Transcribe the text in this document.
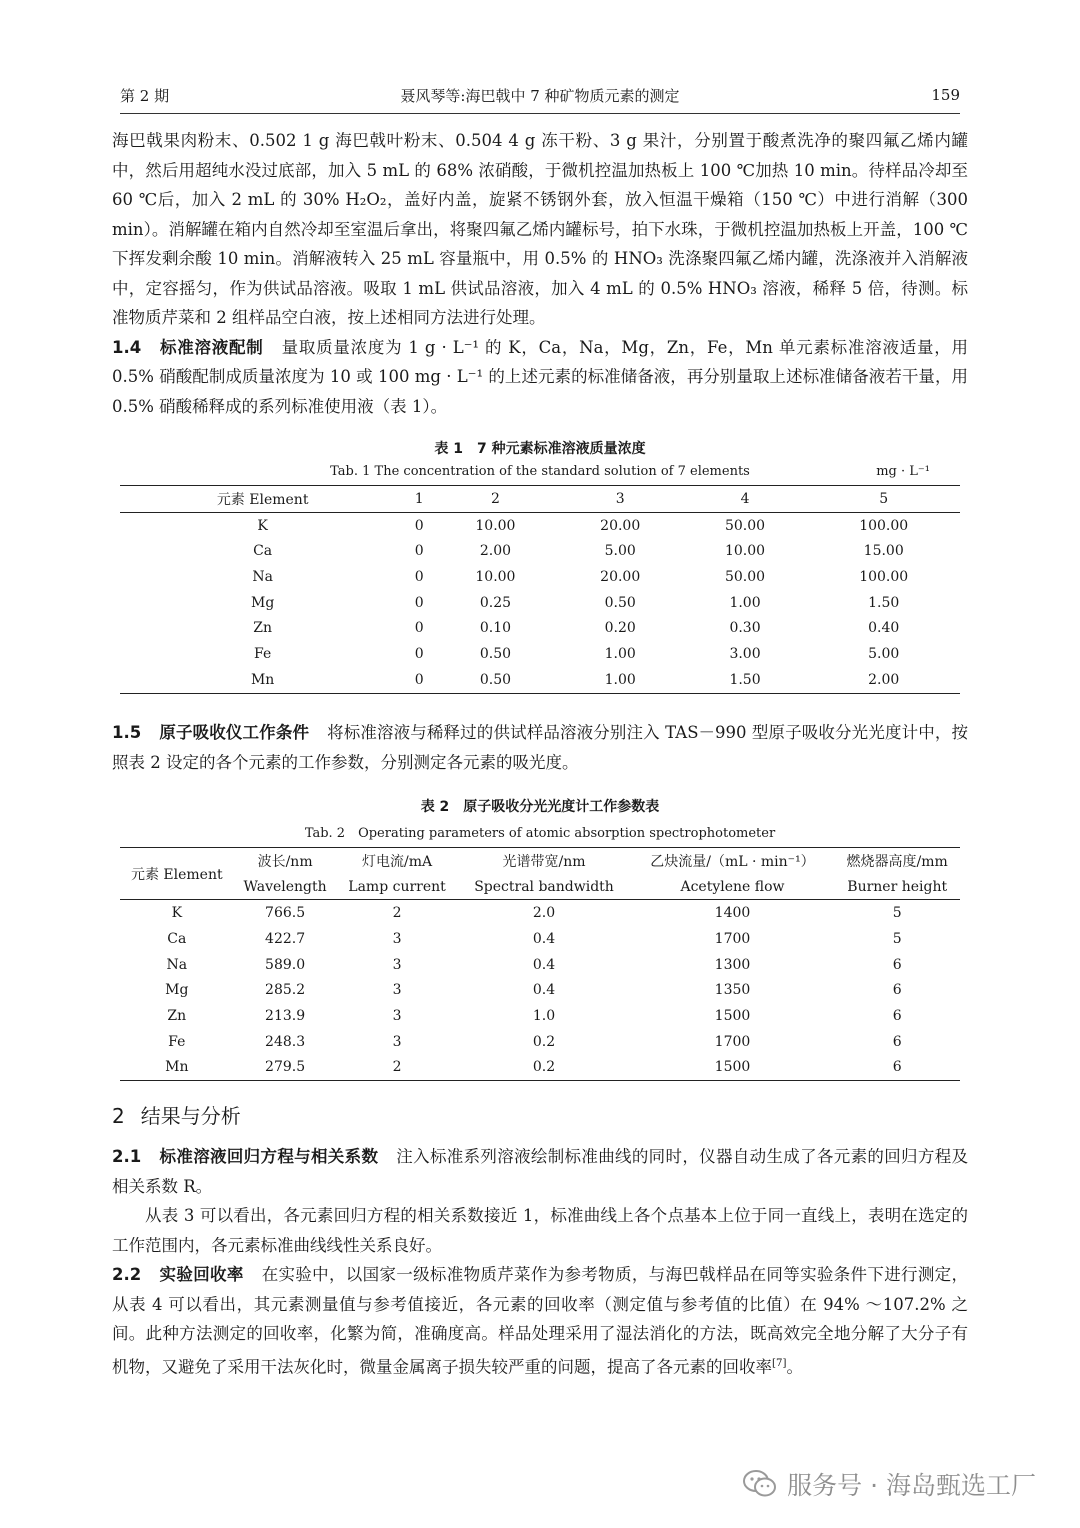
第 2 期	聂风琴等:海巴戟中 7 种矿物质元素的测定	159

海巴戟果肉粉末、0.502 1 g 海巴戟叶粉末、0.504 4 g 冻干粉、3 g 果汁，分别置于酸煮洗净的聚四氟乙烯内罐中，然后用超纯水没过底部，加入 5 mL 的 68% 浓硝酸，于微机控温加热板上 100 ℃加热 10 min。待样品冷却至 60 ℃后，加入 2 mL 的 30% H₂O₂，盖好内盖，旋紧不锈钢外套，放入恒温干燥箱（150 ℃）中进行消解（300 min）。消解罐在箱内自然冷却至室温后拿出，将聚四氟乙烯内罐标号，拍下水珠，于微机控温加热板上开盖，100 ℃ 下挥发剩余酸 10 min。消解液转入 25 mL 容量瓶中，用 0.5% 的 HNO₃ 洗涤聚四氟乙烯内罐，洗涤液并入消解液中，定容摇匀，作为供试品溶液。吸取 1 mL 供试品溶液，加入 4 mL 的 0.5% HNO₃ 溶液，稀释 5 倍，待测。标准物质芹菜和 2 组样品空白液，按上述相同方法进行处理。

1.4 标准溶液配制 量取质量浓度为 1 g · L⁻¹ 的 K，Ca，Na，Mg，Zn，Fe，Mn 单元素标准溶液适量，用 0.5% 硝酸配制成质量浓度为 10 或 100 mg · L⁻¹ 的上述元素的标准储备液，再分别量取上述标准储备液若干量，用 0.5% 硝酸稀释成的系列标准使用液（表 1）。

表 1　7 种元素标准溶液质量浓度
Tab. 1 The concentration of the standard solution of 7 elements	mg · L⁻¹
元素 Element	1	2	3	4	5
K	0	10.00	20.00	50.00	100.00
Ca	0	2.00	5.00	10.00	15.00
Na	0	10.00	20.00	50.00	100.00
Mg	0	0.25	0.50	1.00	1.50
Zn	0	0.10	0.20	0.30	0.40
Fe	0	0.50	1.00	3.00	5.00
Mn	0	0.50	1.00	1.50	2.00

1.5 原子吸收仪工作条件 将标准溶液与稀释过的供试样品溶液分别注入 TAS－990 型原子吸收分光光度计中，按照表 2 设定的各个元素的工作参数，分别测定各元素的吸光度。

表 2　原子吸收分光光度计工作参数表
Tab. 2　Operating parameters of atomic absorption spectrophotometer
元素 Element	波长/nm	灯电流/mA	光谱带宽/nm	乙炔流量/（mL · min⁻¹）	燃烧器高度/mm
	Wavelength	Lamp current	Spectral bandwidth	Acetylene flow	Burner height
K	766.5	2	2.0	1400	5
Ca	422.7	3	0.4	1700	5
Na	589.0	3	0.4	1300	6
Mg	285.2	3	0.4	1350	6
Zn	213.9	3	1.0	1500	6
Fe	248.3	3	0.2	1700	6
Mn	279.5	2	0.2	1500	6
2 结果与分析

2.1 标准溶液回归方程与相关系数 注入标准系列溶液绘制标准曲线的同时，仪器自动生成了各元素的回归方程及相关系数 R。

从表 3 可以看出，各元素回归方程的相关系数接近 1，标准曲线上各个点基本上位于同一直线上，表明在选定的工作范围内，各元素标准曲线线性关系良好。

2.2 实验回收率 在实验中，以国家一级标准物质芹菜作为参考物质，与海巴戟样品在同等实验条件下进行测定，从表 4 可以看出，其元素测量值与参考值接近，各元素的回收率（测定值与参考值的比值）在 94% ～107.2% 之间。此种方法测定的回收率，化繁为简，准确度高。样品处理采用了湿法消化的方法，既高效完全地分解了大分子有机物，又避免了采用干法灰化时，微量金属离子损失较严重的问题，提高了各元素的回收率[7]。

服务号 · 海岛甄选工厂
